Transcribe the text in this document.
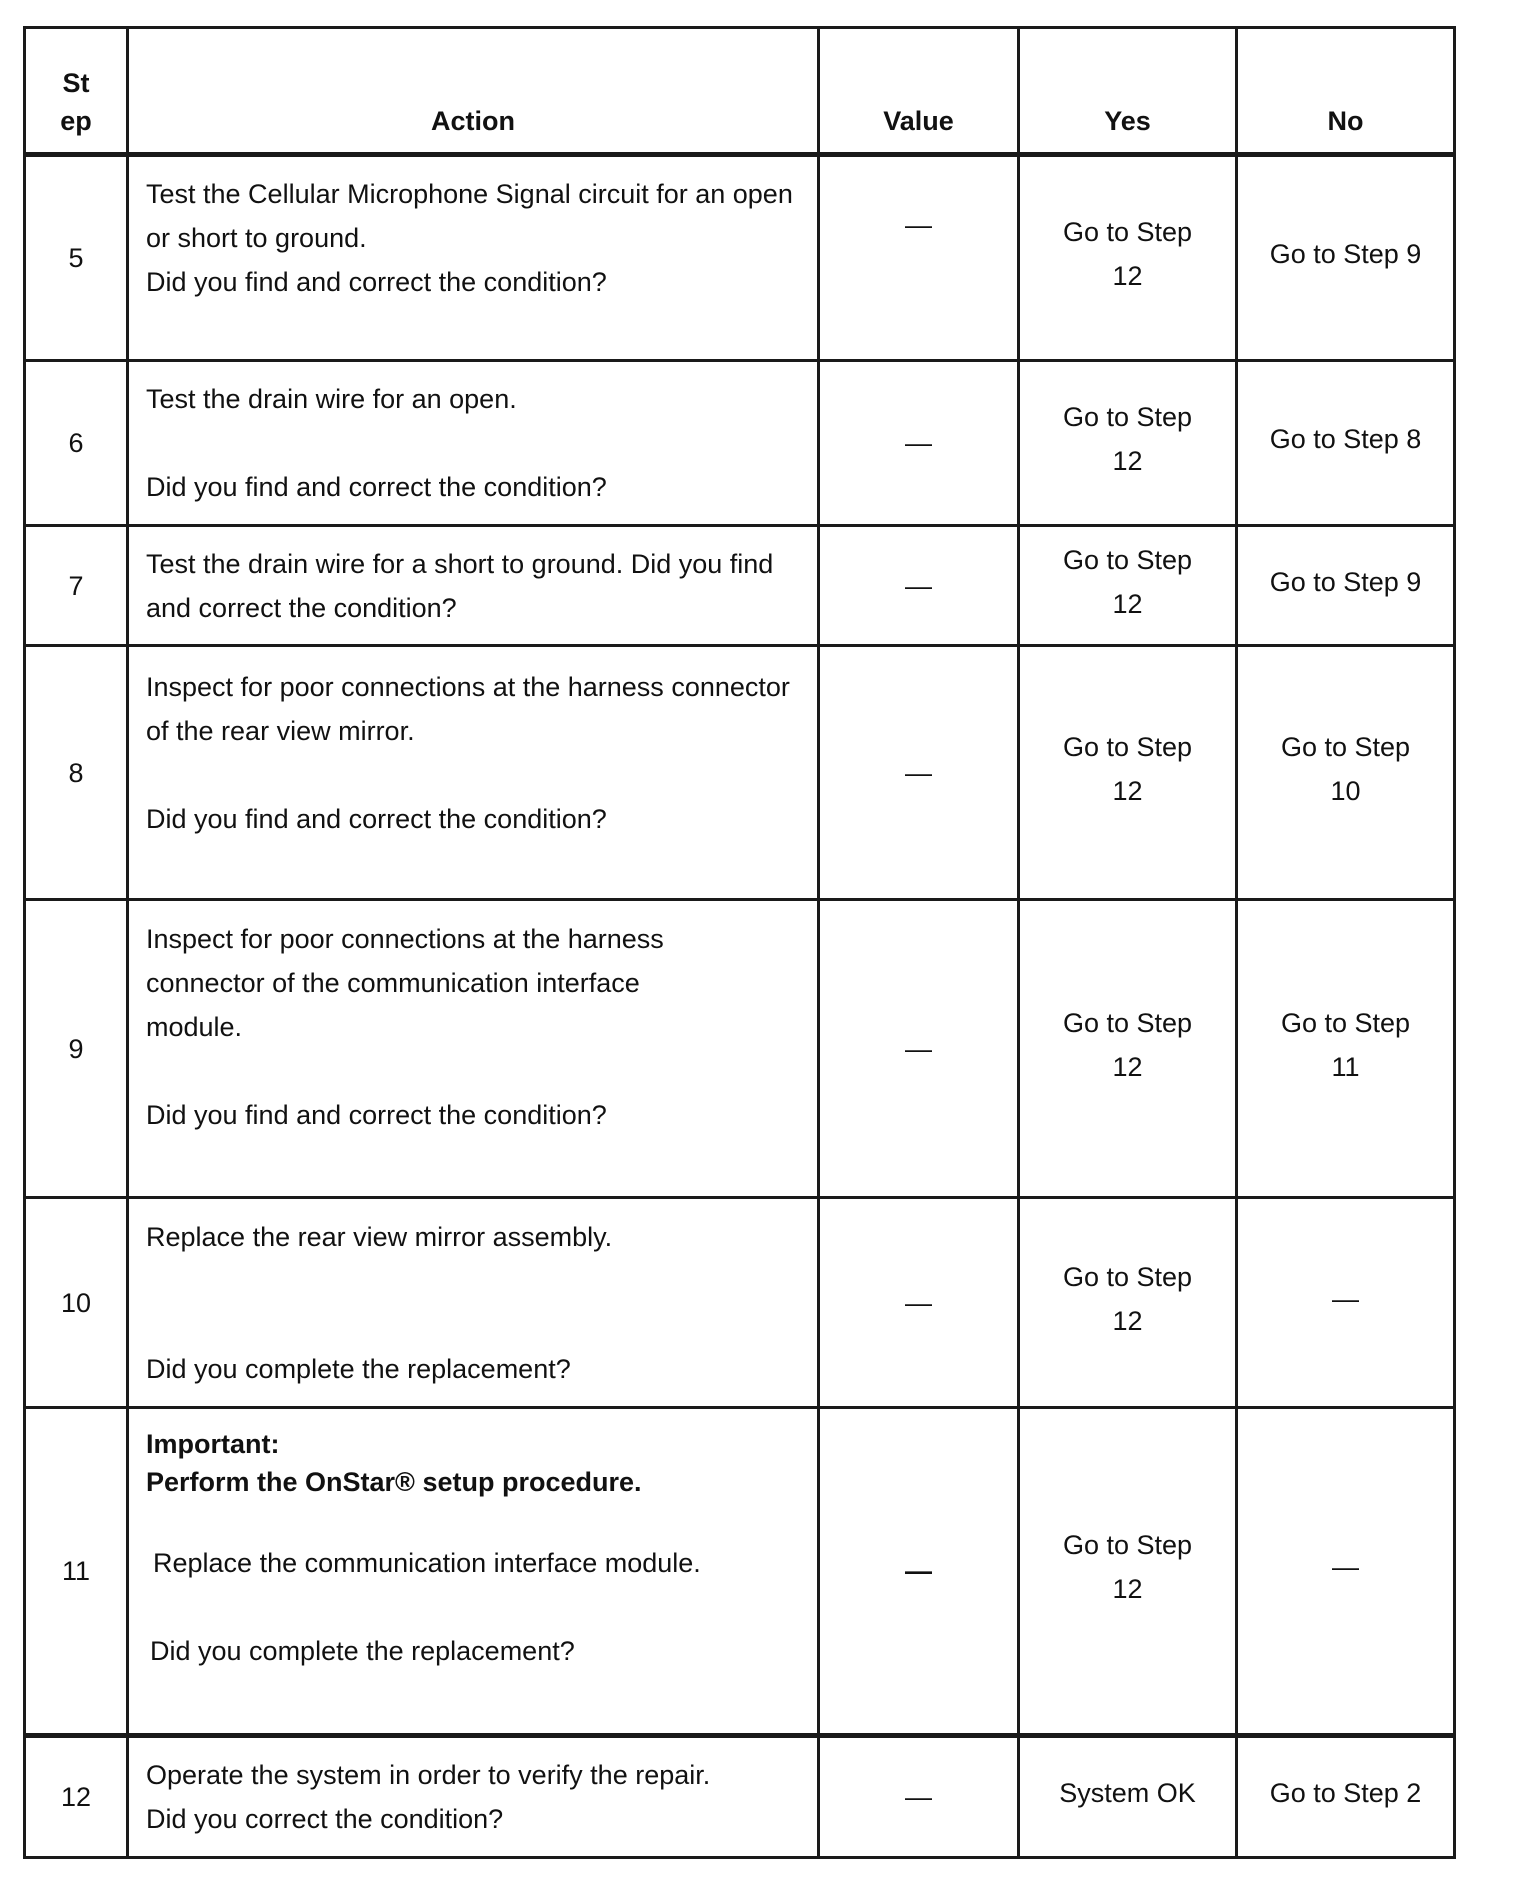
St ep	Action	Value	Yes	No
5	Test the Cellular Microphone Signal circuit for an open or short to ground.

Did you find and correct the condition?	—	Go to Step 12	Go to Step 9
6	Test the drain wire for an open.

Did you find and correct the condition?	—	Go to Step 12	Go to Step 8
7	Test the drain wire for a short to ground. Did you find and correct the condition?	—	Go to Step 12	Go to Step 9
8	Inspect for poor connections at the harness connector of the rear view mirror.

Did you find and correct the condition?	—	Go to Step 12	Go to Step 10
9	Inspect for poor connections at the harness connector of the communication interface module.

Did you find and correct the condition?	—	Go to Step 12	Go to Step 11
10	Replace the rear view mirror assembly.

Did you complete the replacement?	—	Go to Step 12	—
11	Important:

Perform the OnStar® setup procedure.

Replace the communication interface module.

Did you complete the replacement?	—	Go to Step 12	—
12	Operate the system in order to verify the repair.

Did you correct the condition?	—	System OK	Go to Step 2
